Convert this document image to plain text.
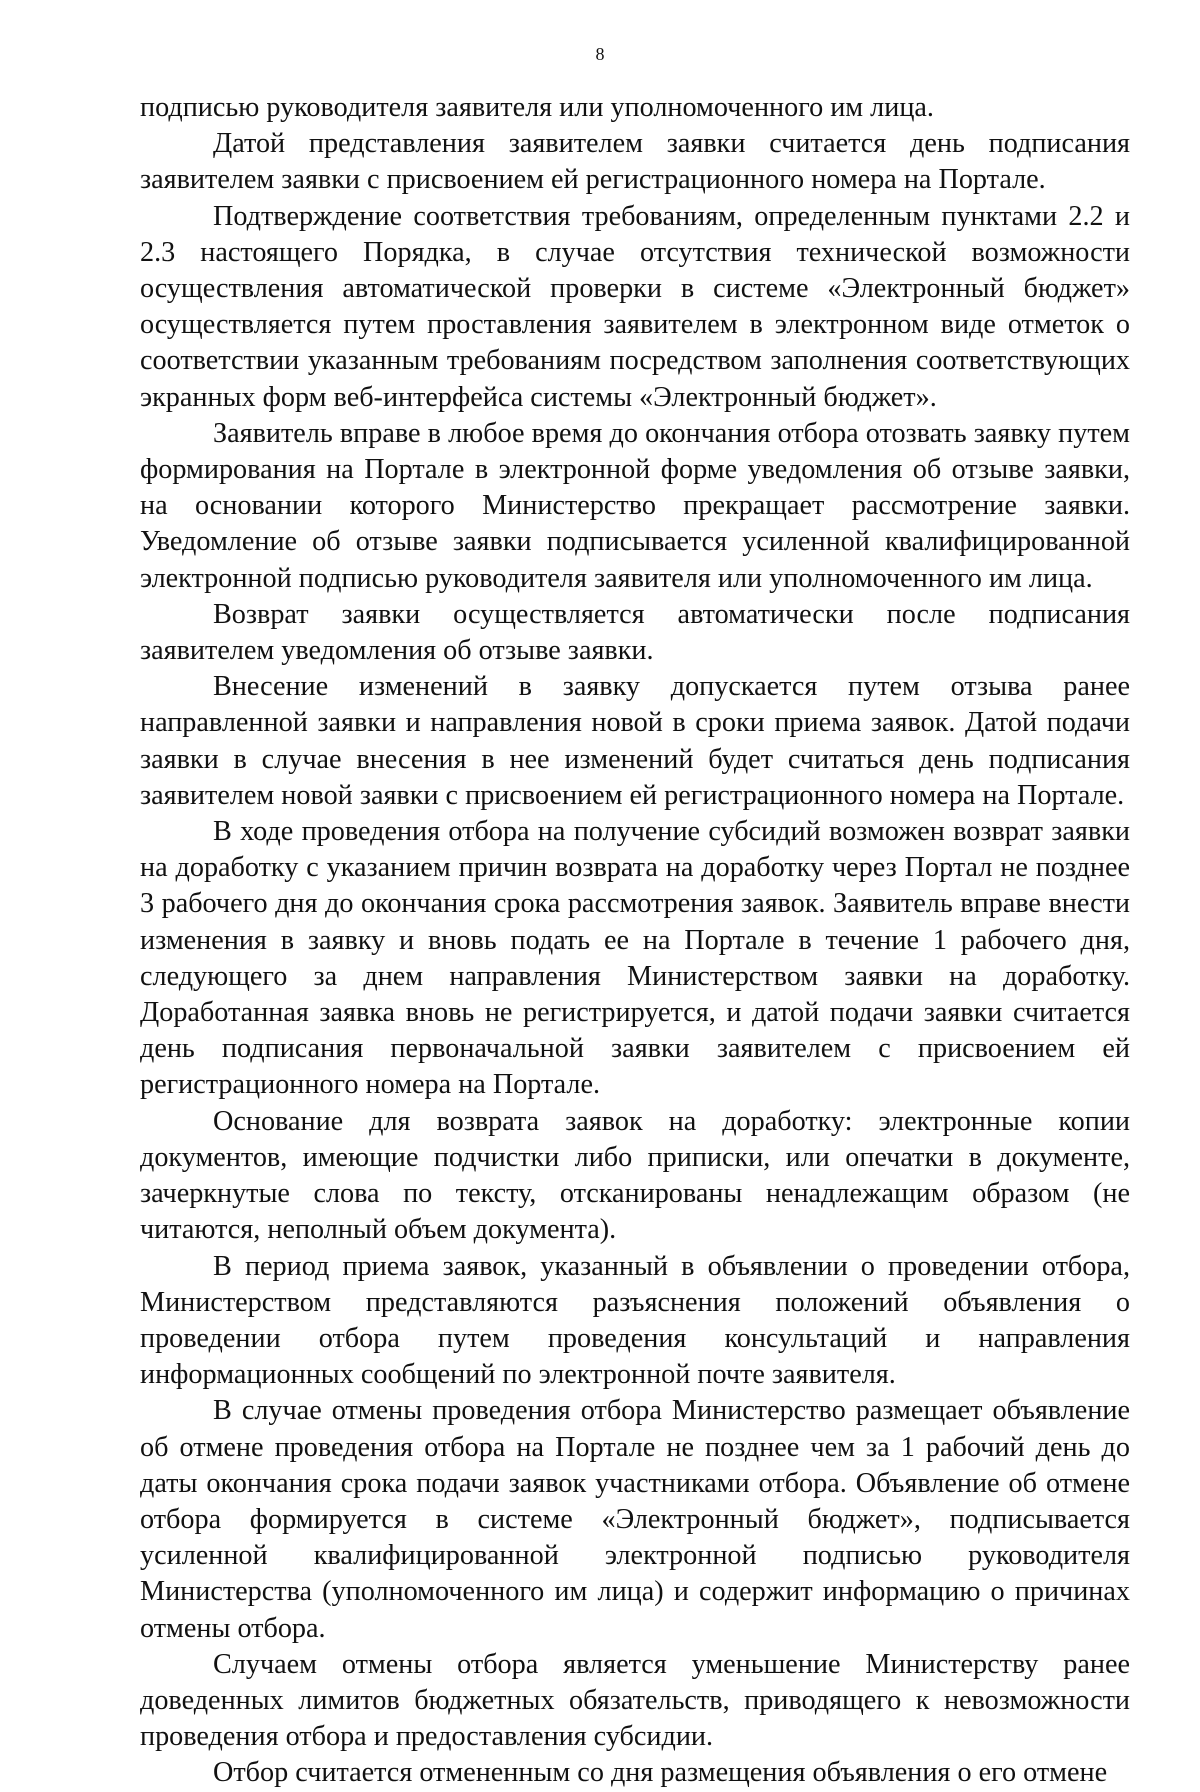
8

подписью руководителя заявителя или уполномоченного им лица.

Датой представления заявителем заявки считается день подписания заявителем заявки с присвоением ей регистрационного номера на Портале.

Подтверждение соответствия требованиям, определенным пунктами 2.2 и 2.3 настоящего Порядка, в случае отсутствия технической возможности осуществления автоматической проверки в системе «Электронный бюджет» осуществляется путем проставления заявителем в электронном виде отметок о соответствии указанным требованиям посредством заполнения соответствующих экранных форм веб-интерфейса системы «Электронный бюджет».

Заявитель вправе в любое время до окончания отбора отозвать заявку путем формирования на Портале в электронной форме уведомления об отзыве заявки, на основании которого Министерство прекращает рассмотрение заявки. Уведомление об отзыве заявки подписывается усиленной квалифицированной электронной подписью руководителя заявителя или уполномоченного им лица.

Возврат заявки осуществляется автоматически после подписания заявителем уведомления об отзыве заявки.

Внесение изменений в заявку допускается путем отзыва ранее направленной заявки и направления новой в сроки приема заявок. Датой подачи заявки в случае внесения в нее изменений будет считаться день подписания заявителем новой заявки с присвоением ей регистрационного номера на Портале.

В ходе проведения отбора на получение субсидий возможен возврат заявки на доработку с указанием причин возврата на доработку через Портал не позднее 3 рабочего дня до окончания срока рассмотрения заявок. Заявитель вправе внести изменения в заявку и вновь подать ее на Портале в течение 1 рабочего дня, следующего за днем направления Министерством заявки на доработку. Доработанная заявка вновь не регистрируется, и датой подачи заявки считается день подписания первоначальной заявки заявителем с присвоением ей регистрационного номера на Портале.

Основание для возврата заявок на доработку: электронные копии документов, имеющие подчистки либо приписки, или опечатки в документе, зачеркнутые слова по тексту, отсканированы ненадлежащим образом (не читаются, неполный объем документа).

В период приема заявок, указанный в объявлении о проведении отбора, Министерством представляются разъяснения положений объявления о проведении отбора путем проведения консультаций и направления информационных сообщений по электронной почте заявителя.

В случае отмены проведения отбора Министерство размещает объявление об отмене проведения отбора на Портале не позднее чем за 1 рабочий день до даты окончания срока подачи заявок участниками отбора. Объявление об отмене отбора формируется в системе «Электронный бюджет», подписывается усиленной квалифицированной электронной подписью руководителя Министерства (уполномоченного им лица) и содержит информацию о причинах отмены отбора.

Случаем отмены отбора является уменьшение Министерству ранее доведенных лимитов бюджетных обязательств, приводящего к невозможности проведения отбора и предоставления субсидии.

Отбор считается отмененным со дня размещения объявления о его отмене
